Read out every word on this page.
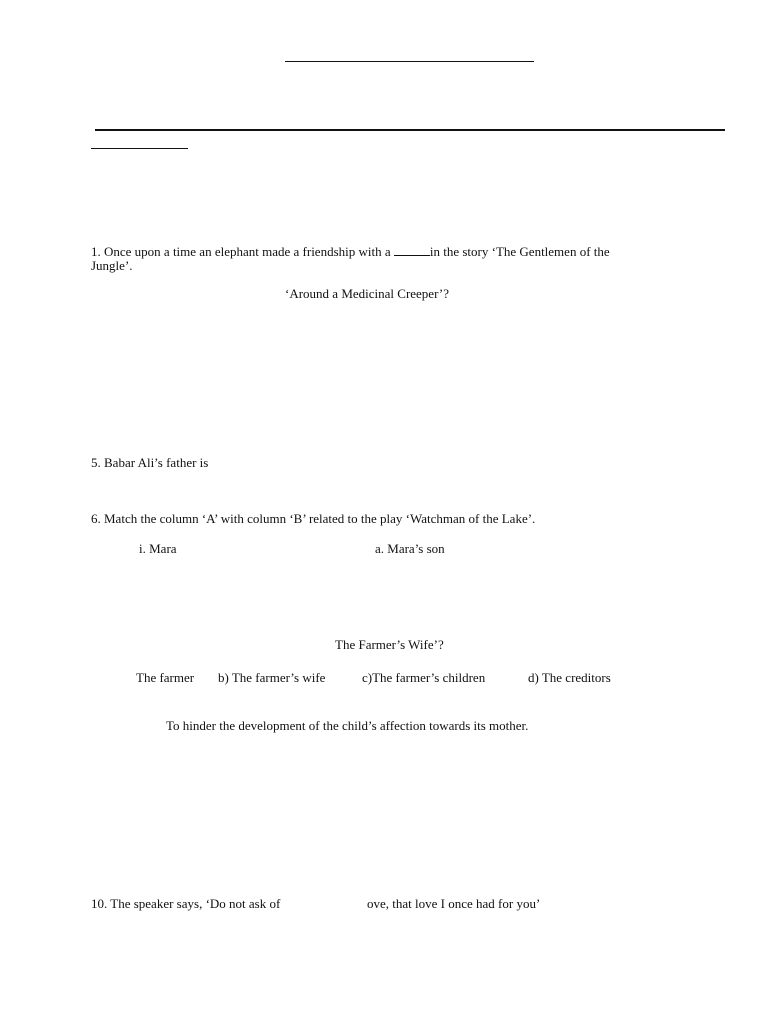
1. Once upon a time an elephant made a friendship with a	in the story ‘The Gentlemen of the
Jungle’.
‘Around a Medicinal Creeper’?
5. Babar Ali’s father is
6. Match the column ‘A’ with column ‘B’ related to the play ‘Watchman of the Lake’.
i. Mara	a. Mara’s son
The Farmer’s Wife’?
The farmer b) The farmer’s wife	c)The farmer’s children	d) The creditors
To hinder the development of the child’s affection towards its mother.
10. The speaker says, ‘Do not ask of	ove, that love I once had for you’
